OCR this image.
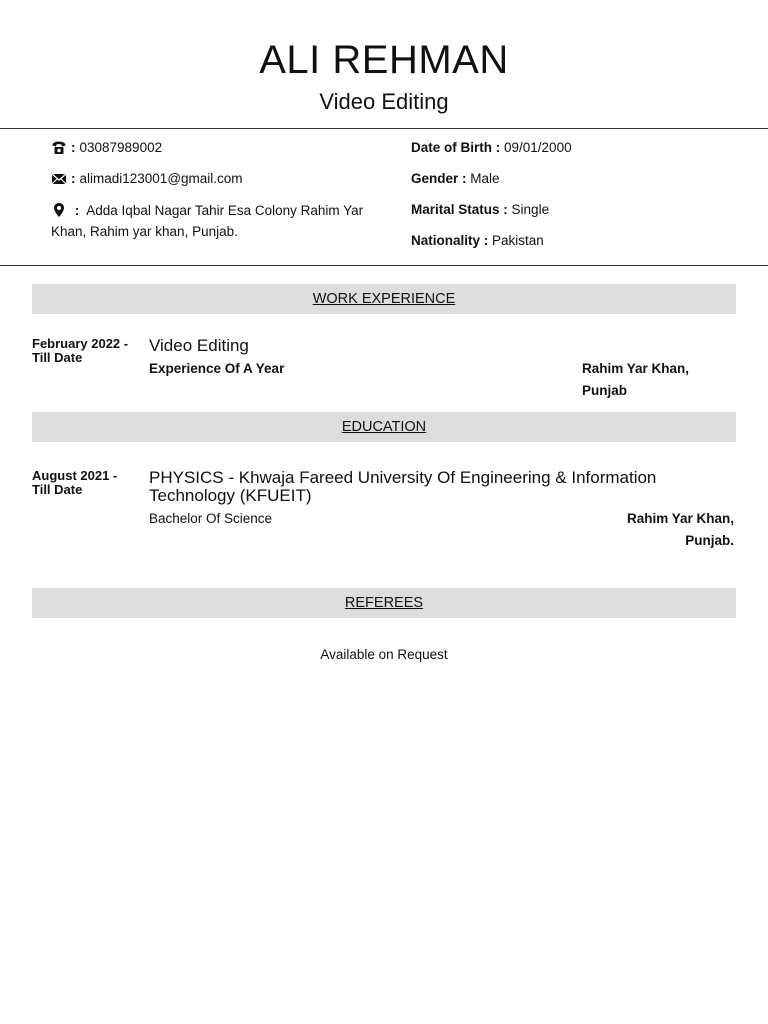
ALI REHMAN
Video Editing
: 03087989002
: alimadi123001@gmail.com
: Adda Iqbal Nagar Tahir Esa Colony Rahim Yar Khan, Rahim yar khan, Punjab.
Date of Birth : 09/01/2000
Gender : Male
Marital Status : Single
Nationality : Pakistan
WORK EXPERIENCE
February 2022 -
Till Date
Video Editing
Experience Of A Year	Rahim Yar Khan,
Punjab
EDUCATION
August 2021 -
Till Date
PHYSICS - Khwaja Fareed University Of Engineering & Information Technology (KFUEIT)
Bachelor Of Science	Rahim Yar Khan,
Punjab.
REFEREES
Available on Request
